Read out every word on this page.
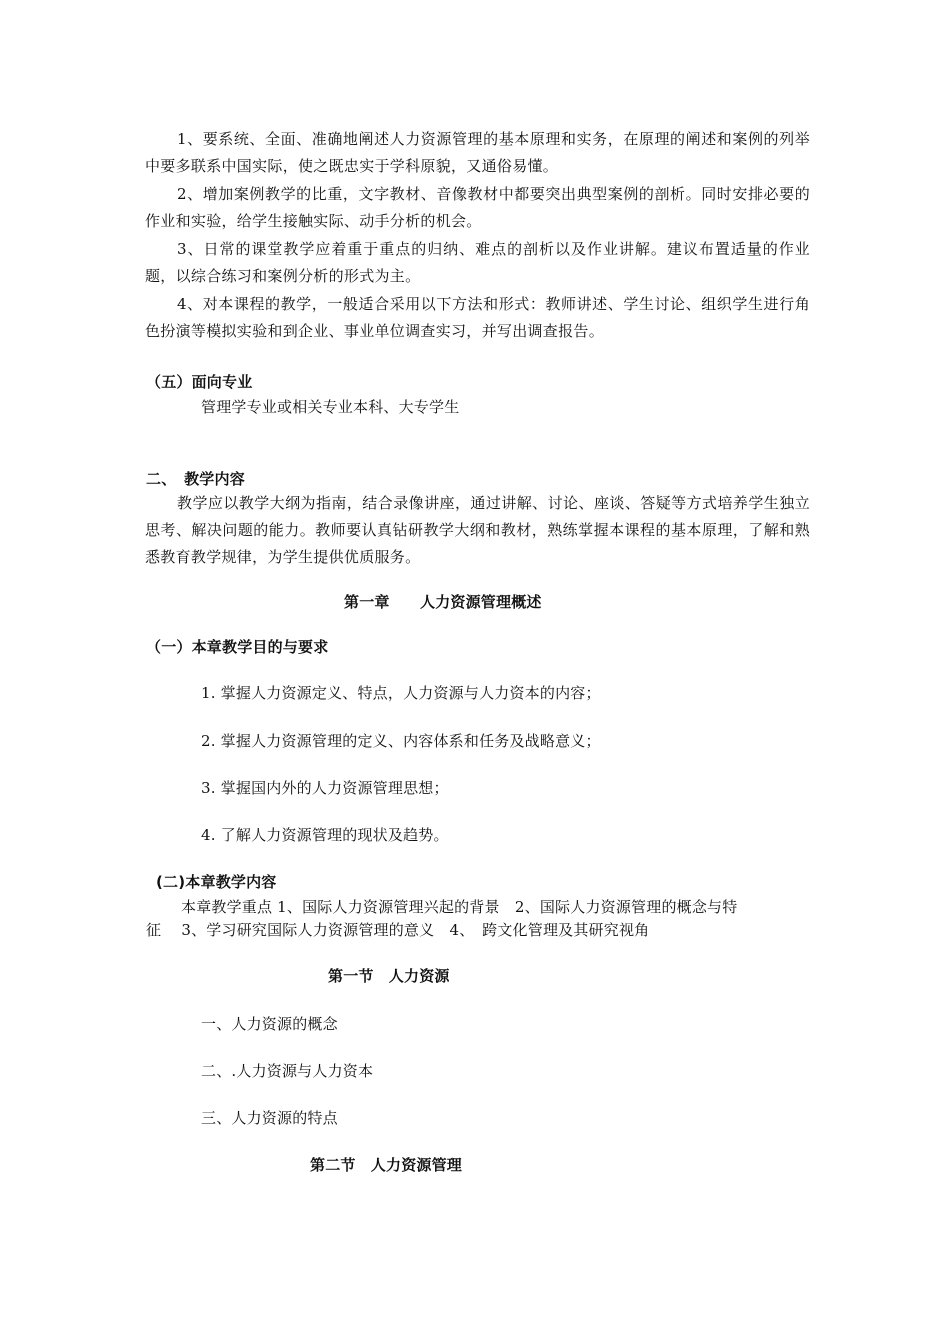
1、要系统、全面、准确地阐述人力资源管理的基本原理和实务，在原理的阐述和案例的列举中要多联系中国实际，使之既忠实于学科原貌，又通俗易懂。
2、增加案例教学的比重，文字教材、音像教材中都要突出典型案例的剖析。同时安排必要的作业和实验，给学生接触实际、动手分析的机会。
3、日常的课堂教学应着重于重点的归纳、难点的剖析以及作业讲解。建议布置适量的作业题，以综合练习和案例分析的形式为主。
4、对本课程的教学，一般适合采用以下方法和形式：教师讲述、学生讨论、组织学生进行角色扮演等模拟实验和到企业、事业单位调查实习，并写出调查报告。
（五）面向专业
管理学专业或相关专业本科、大专学生
二、　教学内容
教学应以教学大纲为指南，结合录像讲座，通过讲解、讨论、座谈、答疑等方式培养学生独立思考、解决问题的能力。教师要认真钻研教学大纲和教材，熟练掌握本课程的基本原理，了解和熟悉教育教学规律，为学生提供优质服务。
第一章　　人力资源管理概述
（一）本章教学目的与要求
1. 掌握人力资源定义、特点，人力资源与人力资本的内容；
2. 掌握人力资源管理的定义、内容体系和任务及战略意义；
3. 掌握国内外的人力资源管理思想；
4. 了解人力资源管理的现状及趋势。
(二)本章教学内容
本章教学重点 1、国际人力资源管理兴起的背景　2、国际人力资源管理的概念与特
征　 3、学习研究国际人力资源管理的意义　4、　跨文化管理及其研究视角
第一节　人力资源
一、人力资源的概念
二、.人力资源与人力资本
三、人力资源的特点
第二节　人力资源管理
